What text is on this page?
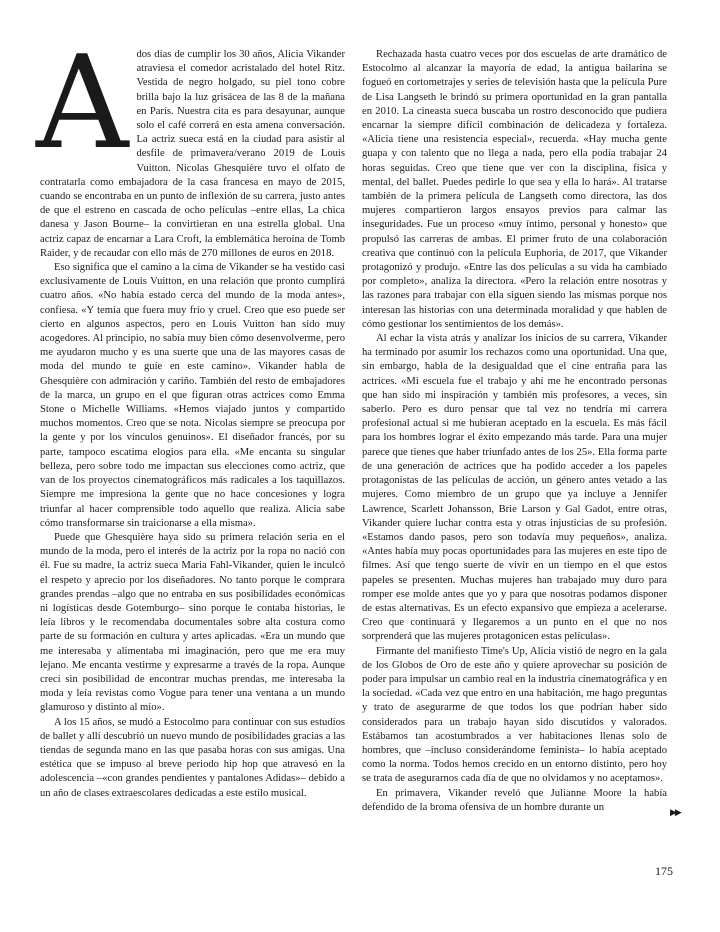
A dos días de cumplir los 30 años, Alicia Vikander atraviesa el comedor acristalado del hotel Ritz. Vestida de negro holgado, su piel tono cobre brilla bajo la luz grisácea de las 8 de la mañana en París. Nuestra cita es para desayunar, aunque solo el café correrá en esta amena conversación. La actriz sueca está en la ciudad para asistir al desfile de primavera/verano 2019 de Louis Vuitton. Nicolas Ghesquière tuvo el olfato de contratarla como embajadora de la casa francesa en mayo de 2015, cuando se encontraba en un punto de inflexión de su carrera, justo antes de que el estreno en cascada de ocho películas –entre ellas, La chica danesa y Jason Bourne– la convirtieran en una estrella global. Una actriz capaz de encarnar a Lara Croft, la emblemática heroína de Tomb Raider, y de recaudar con ello más de 270 millones de euros en 2018.

Eso significa que el camino a la cima de Vikander se ha vestido casi exclusivamente de Louis Vuitton, en una relación que pronto cumplirá cuatro años. «No había estado cerca del mundo de la moda antes», confiesa. «Y temía que fuera muy frío y cruel. Creo que eso puede ser cierto en algunos aspectos, pero en Louis Vuitton han sido muy acogedores. Al principio, no sabía muy bien cómo desenvolverme, pero me ayudaron mucho y es una suerte que una de las mayores casas de moda del mundo te guíe en este camino». Vikander habla de Ghesquière con admiración y cariño. También del resto de embajadores de la marca, un grupo en el que figuran otras actrices como Emma Stone o Michelle Williams. «Hemos viajado juntos y compartido muchos momentos. Creo que se nota. Nicolas siempre se preocupa por la gente y por los vínculos genuinos». El diseñador francés, por su parte, tampoco escatima elogios para ella. «Me encanta su singular belleza, pero sobre todo me impactan sus elecciones como actriz, que van de los proyectos cinematográficos más radicales a los taquillazos. Siempre me impresiona la gente que no hace concesiones y logra triunfar al hacer comprensible todo aquello que realiza. Alicia sabe cómo transformarse sin traicionarse a ella misma».

Puede que Ghesquière haya sido su primera relación seria en el mundo de la moda, pero el interés de la actriz por la ropa no nació con él. Fue su madre, la actriz sueca Maria Fahl-Vikander, quien le inculcó el respeto y aprecio por los diseñadores. No tanto porque le comprara grandes prendas –algo que no entraba en sus posibilidades económicas ni logísticas desde Gotemburgo– sino porque le contaba historias, le leía libros y le recomendaba documentales sobre alta costura como parte de su formación en cultura y artes aplicadas. «Era un mundo que me interesaba y alimentaba mi imaginación, pero que me era muy lejano. Me encanta vestirme y expresarme a través de la ropa. Aunque crecí sin posibilidad de encontrar muchas prendas, me interesaba la moda y leía revistas como Vogue para tener una ventana a un mundo glamuroso y distinto al mío».

A los 15 años, se mudó a Estocolmo para continuar con sus estudios de ballet y allí descubrió un nuevo mundo de posibilidades gracias a las tiendas de segunda mano en las que pasaba horas con sus amigas. Una estética que se impuso al breve periodo hip hop que atravesó en la adolescencia –«con grandes pendientes y pantalones Adidas»– debido a un año de clases extraescolares dedicadas a este estilo musical.

Rechazada hasta cuatro veces por dos escuelas de arte dramático de Estocolmo al alcanzar la mayoría de edad, la antigua bailarina se fogueó en cortometrajes y series de televisión hasta que la película Pure de Lisa Langseth le brindó su primera oportunidad en la gran pantalla en 2010. La cineasta sueca buscaba un rostro desconocido que pudiera encarnar la siempre difícil combinación de delicadeza y fortaleza. «Alicia tiene una resistencia especial», recuerda. «Hay mucha gente guapa y con talento que no llega a nada, pero ella podía trabajar 24 horas seguidas. Creo que tiene que ver con la disciplina, física y mental, del ballet. Puedes pedirle lo que sea y ella lo hará». Al tratarse también de la primera película de Langseth como directora, las dos mujeres compartieron largos ensayos previos para calmar las inseguridades. Fue un proceso «muy íntimo, personal y honesto» que propulsó las carreras de ambas. El primer fruto de una colaboración creativa que continuó con la película Euphoria, de 2017, que Vikander protagonizó y produjo. «Entre las dos películas a su vida ha cambiado por completo», analiza la directora. «Pero la relación entre nosotras y las razones para trabajar con ella siguen siendo las mismas porque nos interesan las historias con una determinada moralidad y que hablen de cómo gestionar los sentimientos de los demás».

Al echar la vista atrás y analizar los inicios de su carrera, Vikander ha terminado por asumir los rechazos como una oportunidad. Una que, sin embargo, habla de la desigualdad que el cine entraña para las actrices. «Mi escuela fue el trabajo y ahí me he encontrado personas que han sido mi inspiración y también mis profesores, a veces, sin saberlo. Pero es duro pensar que tal vez no tendría mi carrera profesional actual si me hubieran aceptado en la escuela. Es más fácil para los hombres lograr el éxito empezando más tarde. Para una mujer parece que tienes que haber triunfado antes de los 25». Ella forma parte de una generación de actrices que ha podido acceder a los papeles protagonistas de las películas de acción, un género antes vetado a las mujeres. Como miembro de un grupo que ya incluye a Jennifer Lawrence, Scarlett Johansson, Brie Larson y Gal Gadot, entre otras, Vikander quiere luchar contra esta y otras injusticias de su profesión. «Estamos dando pasos, pero son todavía muy pequeños», analiza. «Antes había muy pocas oportunidades para las mujeres en este tipo de filmes. Así que tengo suerte de vivir en un tiempo en el que estos papeles se presenten. Muchas mujeres han trabajado muy duro para romper ese molde antes que yo y para que nosotras podamos disponer de estas alternativas. Es un efecto expansivo que empieza a acelerarse. Creo que continuará y llegaremos a un punto en el que no nos sorprenderá que las mujeres protagonicen estas películas».

Firmante del manifiesto Time's Up, Alicia vistió de negro en la gala de los Globos de Oro de este año y quiere aprovechar su posición de poder para impulsar un cambio real en la industria cinematográfica y en la sociedad. «Cada vez que entro en una habitación, me hago preguntas y trato de asegurarme de que todos los que podrían haber sido considerados para un trabajo hayan sido discutidos y valorados. Estábamos tan acostumbrados a ver habitaciones llenas solo de hombres, que –incluso considerándome feminista– lo había aceptado como la norma. Todos hemos crecido en un entorno distinto, pero hoy se trata de asegurarnos cada día de que no olvidamos y no aceptamos».

En primavera, Vikander reveló que Julianne Moore la había defendido de la broma ofensiva de un hombre durante un

▶▶
175
